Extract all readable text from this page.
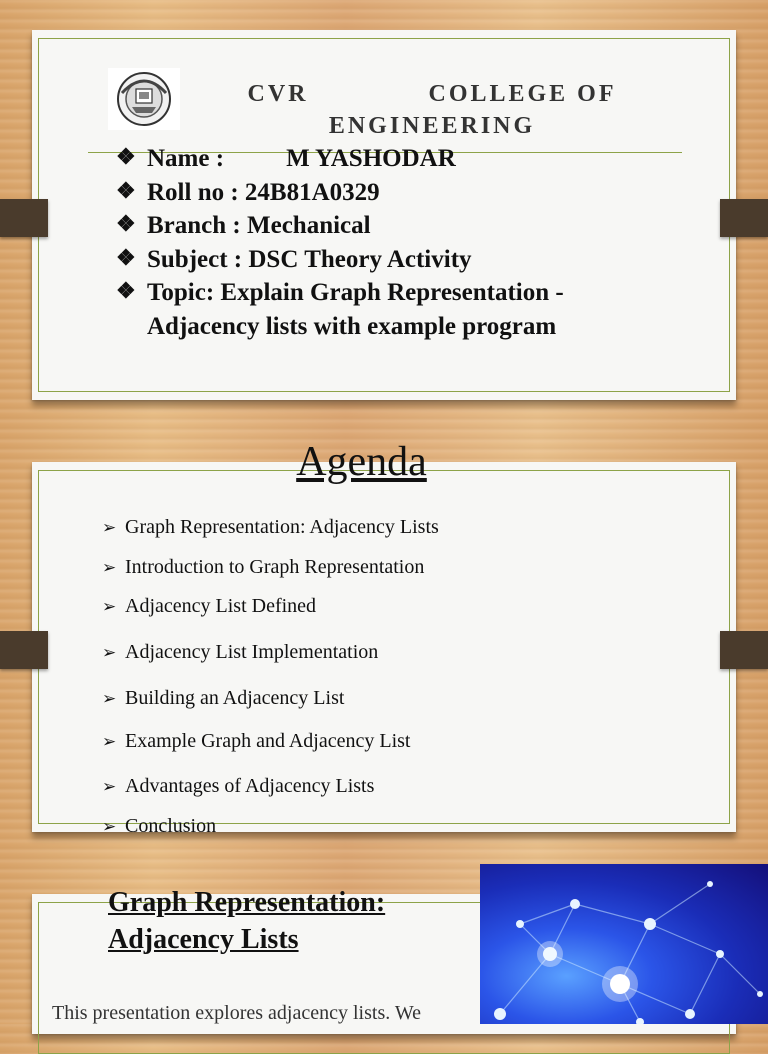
CVR	COLLEGE OF
ENGINEERING
❖ Name : M YASHODAR
❖ Roll no : 24B81A0329
❖ Branch : Mechanical
❖ Subject : DSC Theory Activity
❖ Topic: Explain Graph Representation - Adjacency lists with example program
Agenda
➢ Graph Representation: Adjacency Lists
➢ Introduction to Graph Representation
➢ Adjacency List Defined
➢ Adjacency List Implementation
➢ Building an Adjacency List
➢ Example Graph and Adjacency List
➢ Advantages of Adjacency Lists
➢ Conclusion
Graph Representation: Adjacency Lists
This presentation explores adjacency lists. We
